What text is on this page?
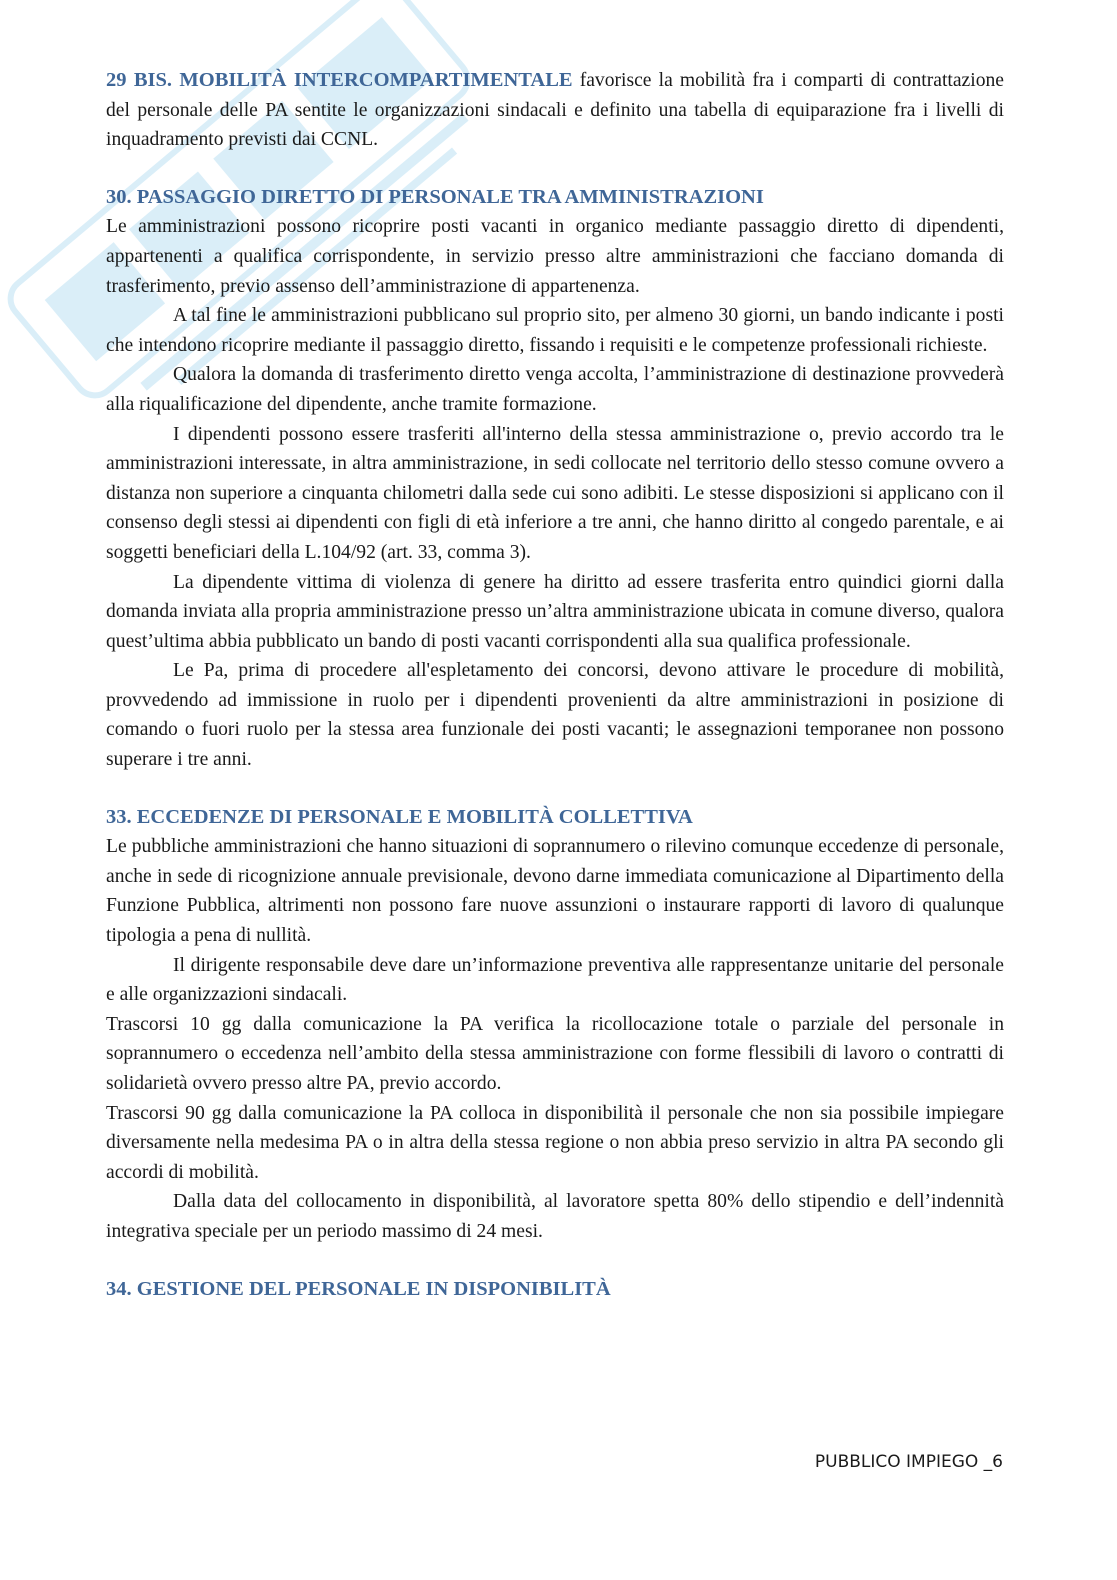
29 BIS. MOBILITÀ INTERCOMPARTIMENTALE favorisce la mobilità fra i comparti di contrattazione del personale delle PA sentite le organizzazioni sindacali e definito una tabella di equiparazione fra i livelli di inquadramento previsti dai CCNL.

30. PASSAGGIO DIRETTO DI PERSONALE TRA AMMINISTRAZIONI

Le amministrazioni possono ricoprire posti vacanti in organico mediante passaggio diretto di dipendenti, appartenenti a qualifica corrispondente, in servizio presso altre amministrazioni che facciano domanda di trasferimento, previo assenso dell’amministrazione di appartenenza.

A tal fine le amministrazioni pubblicano sul proprio sito, per almeno 30 giorni, un bando indicante i posti che intendono ricoprire mediante il passaggio diretto, fissando i requisiti e le competenze professionali richieste.

Qualora la domanda di trasferimento diretto venga accolta, l’amministrazione di destinazione provvederà alla riqualificazione del dipendente, anche tramite formazione.

I dipendenti possono essere trasferiti all'interno della stessa amministrazione o, previo accordo tra le amministrazioni interessate, in altra amministrazione, in sedi collocate nel territorio dello stesso comune ovvero a distanza non superiore a cinquanta chilometri dalla sede cui sono adibiti. Le stesse disposizioni si applicano con il consenso degli stessi ai dipendenti con figli di età inferiore a tre anni, che hanno diritto al congedo parentale, e ai soggetti beneficiari della L.104/92 (art. 33, comma 3).

La dipendente vittima di violenza di genere ha diritto ad essere trasferita entro quindici giorni dalla domanda inviata alla propria amministrazione presso un’altra amministrazione ubicata in comune diverso, qualora quest’ultima abbia pubblicato un bando di posti vacanti corrispondenti alla sua qualifica professionale.

Le Pa, prima di procedere all'espletamento dei concorsi, devono attivare le procedure di mobilità, provvedendo ad immissione in ruolo per i dipendenti provenienti da altre amministrazioni in posizione di comando o fuori ruolo per la stessa area funzionale dei posti vacanti; le assegnazioni temporanee non possono superare i tre anni.

33. ECCEDENZE DI PERSONALE E MOBILITÀ COLLETTIVA

Le pubbliche amministrazioni che hanno situazioni di soprannumero o rilevino comunque eccedenze di personale, anche in sede di ricognizione annuale previsionale, devono darne immediata comunicazione al Dipartimento della Funzione Pubblica, altrimenti non possono fare nuove assunzioni o instaurare rapporti di lavoro di qualunque tipologia a pena di nullità.

Il dirigente responsabile deve dare un’informazione preventiva alle rappresentanze unitarie del personale e alle organizzazioni sindacali.

Trascorsi 10 gg dalla comunicazione la PA verifica la ricollocazione totale o parziale del personale in soprannumero o eccedenza nell’ambito della stessa amministrazione con forme flessibili di lavoro o contratti di solidarietà ovvero presso altre PA, previo accordo.

Trascorsi 90 gg dalla comunicazione la PA colloca in disponibilità il personale che non sia possibile impiegare diversamente nella medesima PA o in altra della stessa regione o non abbia preso servizio in altra PA secondo gli accordi di mobilità.

Dalla data del collocamento in disponibilità, al lavoratore spetta 80% dello stipendio e dell’indennità integrativa speciale per un periodo massimo di 24 mesi.

34. GESTIONE DEL PERSONALE IN DISPONIBILITÀ
PUBBLICO IMPIEGO _6
